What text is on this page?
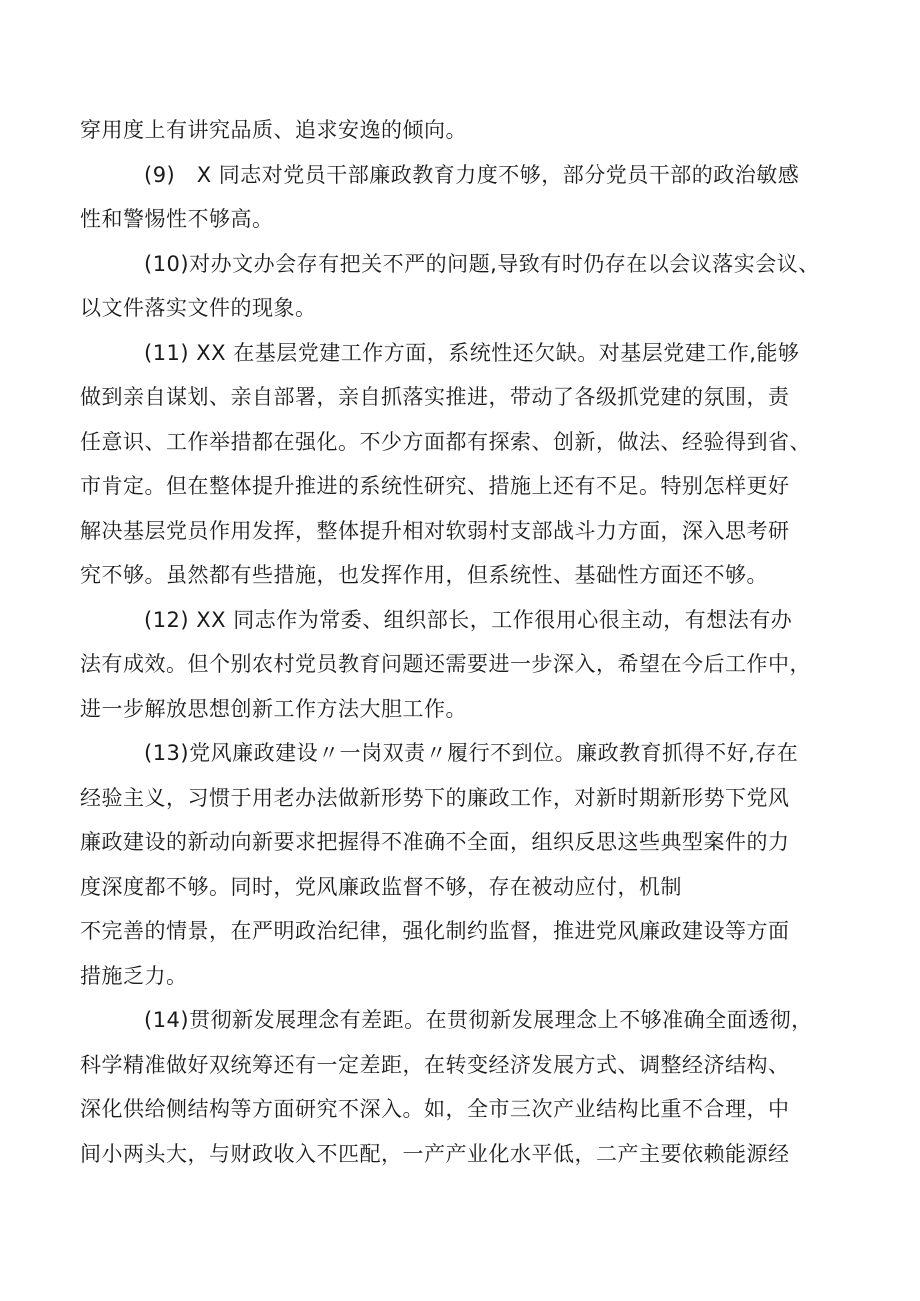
穿用度上有讲究品质、追求安逸的倾向。
(9)　X 同志对党员干部廉政教育力度不够，部分党员干部的政治敏感
性和警惕性不够高。
(10)对办文办会存有把关不严的问题,导致有时仍存在以会议落实会议、
以文件落实文件的现象。
(11) XX 在基层党建工作方面，系统性还欠缺。对基层党建工作,能够
做到亲自谋划、亲自部署，亲自抓落实推进，带动了各级抓党建的氛围，责
任意识、工作举措都在强化。不少方面都有探索、创新，做法、经验得到省、
市肯定。但在整体提升推进的系统性研究、措施上还有不足。特别怎样更好
解决基层党员作用发挥，整体提升相对软弱村支部战斗力方面，深入思考研
究不够。虽然都有些措施，也发挥作用，但系统性、基础性方面还不够。
(12) XX 同志作为常委、组织部长，工作很用心很主动，有想法有办
法有成效。但个别农村党员教育问题还需要进一步深入，希望在今后工作中，
进一步解放思想创新工作方法大胆工作。
(13)党风廉政建设〃一岗双责〃履行不到位。廉政教育抓得不好,存在
经验主义，习惯于用老办法做新形势下的廉政工作，对新时期新形势下党风
廉政建设的新动向新要求把握得不准确不全面，组织反思这些典型案件的力
度深度都不够。同时，党风廉政监督不够，存在被动应付，机制
不完善的情景，在严明政治纪律，强化制约监督，推进党风廉政建设等方面
措施乏力。
(14)贯彻新发展理念有差距。在贯彻新发展理念上不够准确全面透彻，
科学精准做好双统筹还有一定差距，在转变经济发展方式、调整经济结构、
深化供给侧结构等方面研究不深入。如，全市三次产业结构比重不合理，中
间小两头大，与财政收入不匹配，一产产业化水平低，二产主要依赖能源经
